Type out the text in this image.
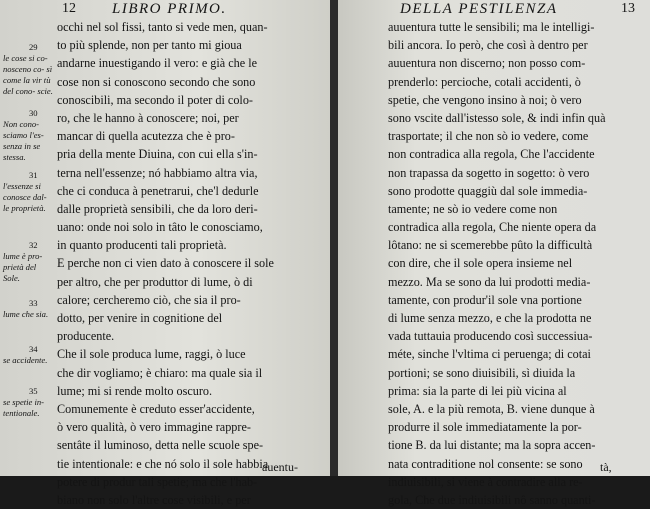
12 LIBRO PRIMO.
29
le cose si co- nosceno co- sì come la vir tù del cono- scie.
30
Non cono- sciamo l'es- senza in se stessa.
31
l'essenze si conosce dal- le proprietà.
32
lume è pro- prietà del Sole.
33
lume che sia.
34
se accidente.
35
se spetie in- tentionale.
occhi nel sol fissi, tanto si vede men, quan-
to più splende, non per tanto mi gioua
andarne inuestigando il vero: e già che le
cose non si conoscono secondo che sono
conoscibili, ma secondo il poter di colo-
ro, che le hanno à conoscere; noi, per
mancar di quella acutezza che è pro-
pria della mente Diuina, con cui ella s'in-
terna nell'essenze; nó habbiamo altra via,
che ci conduca à penetrarui, che'l dedurle
dalle proprietà sensibili, che da loro deri-
uano: onde noi solo in tâto le conosciamo,
in quanto producenti tali proprietà.
E perche non ci vien dato à conoscere il sole
per altro, che per produttor di lume, ò di
calore; cercheremo ciò, che sia il pro-
dotto, per venire in cognitione del
producente.
Che il sole produca lume, raggi, ò luce
che dir vogliamo; è chiaro: ma quale sia il
lume; mi si rende molto oscuro.
Comunemente è creduto esser'accidente,
ò vero qualità, ò vero immagine rappre-
sentâte il luminoso, detta nelle scuole spe-
tie intentionale: e che nó solo il sole habbia
potere di produr tali spetie; ma che l'hab-
biano non solo l'altre cose visibili, e per
auentu-
DELLA PESTILENZA	13
auuentura tutte le sensibili; ma le intelligi-
bili ancora. Io però, che così à dentro per
auuentura non discerno; non posso com-
prenderlo: percioche, cotali accidenti, ò
spetie, che vengono insino à noi; ò vero
sono vscite dall'istesso sole, & indi infin quà
trasportate; il che non sò io vedere, come
non contradica alla regola, Che l'accidente
non trapassa da sogetto in sogetto: ò vero
sono prodotte quaggiù dal sole immedia-
tamente; ne sò io vedere come non
contradica alla regola, Che niente opera da
lôtano: ne si scemerebbe pûto la difficultà
con dire, che il sole opera insieme nel
mezzo. Ma se sono da lui prodotti media-
tamente, con produr'il sole vna portione
di lume senza mezzo, e che la prodotta ne
vada tuttauia producendo così successiua-
méte, sinche l'vltima ci peruenga; di cotai
portioni; se sono diuisibili, sì diuida la
prima: sia la parte di lei più vicina al
sole, A. e la più remota, B. viene dunque à
produrre il sole immediatamente la por-
tione B. da lui distante; ma la sopra accen-
nata contraditione nol consente: se sono
indiuisibili, si viene à contradire alla re-
gola, Che due indiuisibili nô sanno quanti-
tà,
